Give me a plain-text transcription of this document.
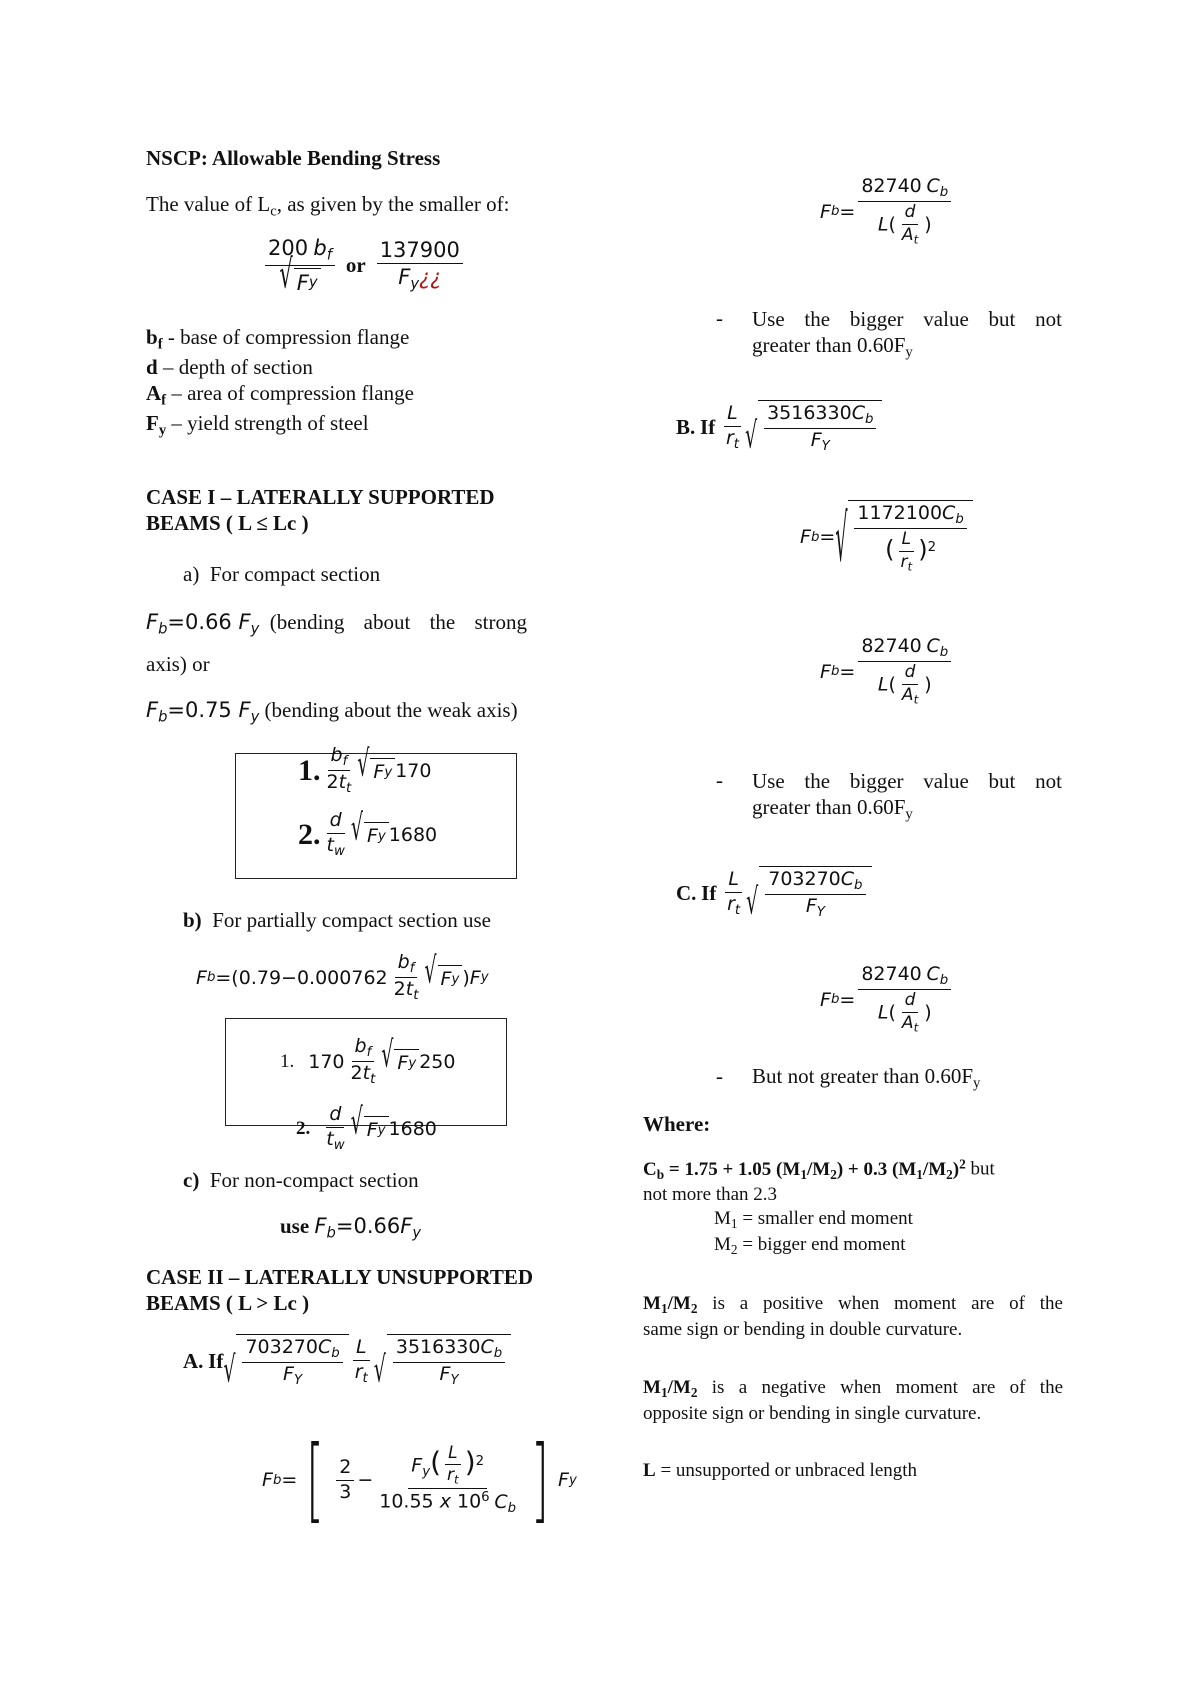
NSCP: Allowable Bending Stress
The value of $L_c$, as given by the smaller of:
$\frac{200 b_f}{\text{√ F y}}$ or $\frac{137900}{F_y¿¿}$
$b_f$ - base of compression flange
d – depth of section
$A_f$ – area of compression flange
$F_y$ – yield strength of steel
CASE I – LATERALLY SUPPORTED
BEAMS ( L ≤ Lc )
a) For compact section
$F_b=0.66$ $F_y$ (bending about the strong
axis) or
$F_b=0.75$ $F_y$ (bending about the weak axis)
1. $\frac{b_f}{2t_t}$ √ F y 170
2. $\frac{d}{t_w}$ √ F y 1680
b) For partially compact section use
F b =( $0.79 - 0.000762 \frac{b_f}{2t_t}$ √ F y ) F y
1. $170 \frac{b_f}{2t_t}$ √ F y 250
2. $\frac{d}{t_w}$ √ F y 1680
c) For non-compact section
use $F_b=0.66F_y$
CASE II – LATERALLY UNSUPPORTED
BEAMS ( L > Lc )
A.
If √ $\frac{703270C_b}{F_Y} \frac{L}{r_t}$ √ $\frac{3516330C_b}{F_Y}$
F b = [ $\frac{2}{3} - \frac{F_y( \frac{L}{r_t} )^2}{10.55 x 10^6 C_b}$ ] F y
F $b = \frac{82740 C_b}{L( \frac{d}{A_t} )}$
- Use the bigger value but not
greater than $0.60F_y$
B.
If
$\frac{L}{r_t}$ √ $\frac{3516330C_b}{F_Y}$
F b = √ $\frac{1172100C_b}{( \frac{L}{r_t} )^2}$
F $b = \frac{82740 C_b}{L( \frac{d}{A_t} )}$
- Use the bigger value but not
greater than $0.60F_y$
C.
If
$\frac{L}{r_t}$ √ $\frac{703270C_b}{F_Y}$
F $b = \frac{82740 C_b}{L( \frac{d}{A_t} )}$
- But not greater than $0.60F_y$
Where:
$C_b = 1.75 + 1.05$ $(M_1/M_2) + 0.3$ $(M_1/M_2)^2$ but
not more than 2.3
$M_1$ = smaller end moment
$M_2$ = bigger end moment
$M_1/M_2$ is a positive when moment are of the
same sign or bending in double curvature.
$M_1/M_2$ is a negative when moment are of the
opposite sign or bending in single curvature.
L = unsupported or unbraced length
